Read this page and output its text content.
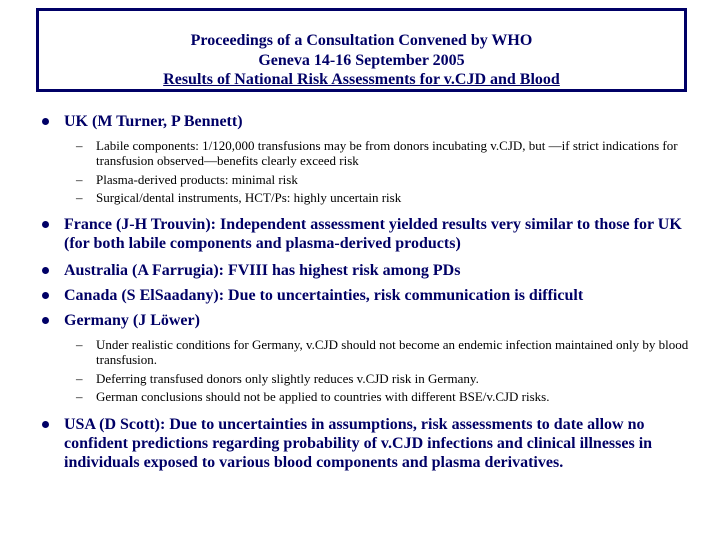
Proceedings of a Consultation Convened by WHO
Geneva 14-16 September 2005
Results of National Risk Assessments for v.CJD and Blood
UK (M Turner, P Bennett)
– Labile components: 1/120,000 transfusions may be from donors incubating v.CJD, but —if strict indications for transfusion observed—benefits clearly exceed risk
– Plasma-derived products: minimal risk
– Surgical/dental instruments, HCT/Ps: highly uncertain risk
France (J-H Trouvin): Independent assessment yielded results very similar to those for UK (for both labile components and plasma-derived products)
Australia (A Farrugia): FVIII has highest risk among PDs
Canada (S ElSaadany): Due to uncertainties, risk communication is difficult
Germany (J Löwer)
– Under realistic conditions for Germany, v.CJD should not become an endemic infection maintained only by blood transfusion.
– Deferring transfused donors only slightly reduces v.CJD risk in Germany.
– German conclusions should not be applied to countries with different BSE/v.CJD risks.
USA (D Scott): Due to uncertainties in assumptions, risk assessments to date allow no confident predictions regarding probability of v.CJD infections and clinical illnesses in individuals exposed to various blood components and plasma derivatives.
